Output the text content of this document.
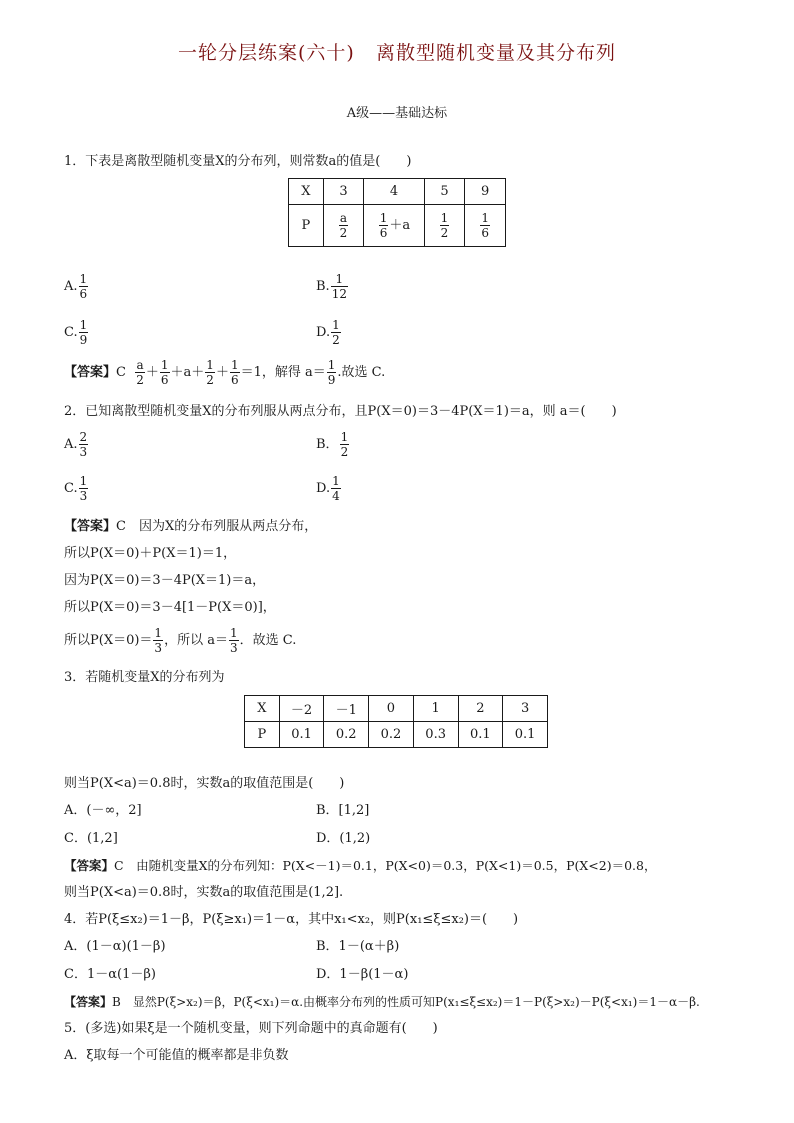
一轮分层练案(六十)   离散型随机变量及其分布列
A级——基础达标
1．下表是离散型随机变量X的分布列，则常数a的值是(　　)
X	3	4	5	9
P	$\frac{a}{2}$	$\frac{1}{6} +a$	$\frac{1}{2}$	$\frac{1}{6}$
A. $\frac{1}{6}$	B. $\frac{1}{12}$
C. $\frac{1}{9}$	D. $\frac{1}{2}$
【答案】C $\frac{a}{2} + \frac{1}{6} +a+ \frac{1}{2} + \frac{1}{6} =1$，解得 $a= \frac{1}{9}$ .故选 C.
2．已知离散型随机变量X的分布列服从两点分布，且P(X＝0)＝3－4P(X＝1)＝a，则 a＝(　　)
A. $\frac{2}{3}$	B． $\frac{1}{2}$
C. $\frac{1}{3}$	D. $\frac{1}{4}$
【答案】C　因为X的分布列服从两点分布，
所以P(X＝0)＋P(X＝1)＝1，
因为P(X＝0)＝3－4P(X＝1)＝a，
所以P(X＝0)＝3－4[1－P(X＝0)]，
所以$P(X=0)= \frac{1}{3}$ ，所以 $a= \frac{1}{3}$ ．故选 C.
3．若随机变量X的分布列为
X	－2	－1	0	1	2	3
P	0.1	0.2	0.2	0.3	0.1	0.1
则当P(X<a)＝0.8时，实数a的取值范围是(　　)
A．(－∞，2]	B．[1,2]
C．(1,2]	D．(1,2)
【答案】C　由随机变量X的分布列知：P(X<－1)＝0.1，P(X<0)＝0.3，P(X<1)＝0.5，P(X<2)＝0.8，
则当P(X<a)＝0.8时，实数a的取值范围是(1,2].
4．若P(ξ≤x₂)＝1－β，P(ξ≥x₁)＝1－α，其中x₁<x₂，则P(x₁≤ξ≤x₂)＝(　　)
A．(1－α)(1－β)	B．1－(α＋β)
C．1－α(1－β)	D．1－β(1－α)
【答案】B　显然P(ξ>x₂)＝β，P(ξ<x₁)＝α.由概率分布列的性质可知P(x₁≤ξ≤x₂)＝1－P(ξ>x₂)－P(ξ<x₁)＝1－α－β.
5．(多选)如果ξ是一个随机变量，则下列命题中的真命题有(　　)
A．ξ取每一个可能值的概率都是非负数
